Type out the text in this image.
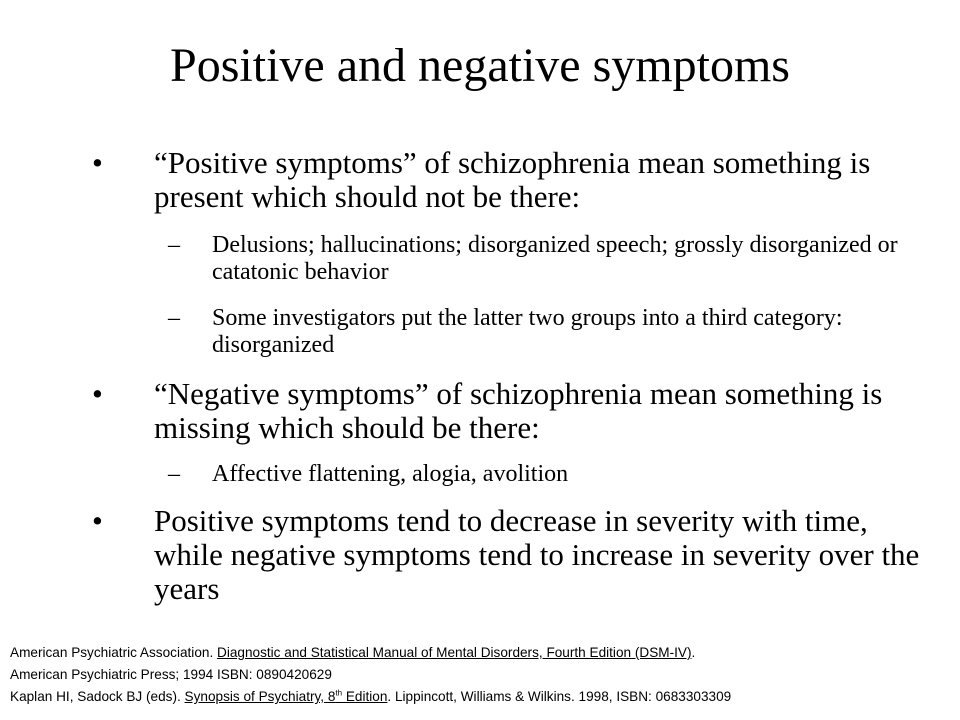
Positive and negative symptoms
• “Positive symptoms” of schizophrenia mean something is present which should not be there:
– Delusions; hallucinations; disorganized speech; grossly disorganized or catatonic behavior
– Some investigators put the latter two groups into a third category: disorganized
• “Negative symptoms” of schizophrenia mean something is missing which should be there:
– Affective flattening, alogia, avolition
• Positive symptoms tend to decrease in severity with time, while negative symptoms tend to increase in severity over the years
American Psychiatric Association. Diagnostic and Statistical Manual of Mental Disorders, Fourth Edition (DSM-IV).
American Psychiatric Press; 1994 ISBN: 0890420629
Kaplan HI, Sadock BJ (eds). Synopsis of Psychiatry, 8th Edition. Lippincott, Williams & Wilkins. 1998, ISBN: 0683303309
